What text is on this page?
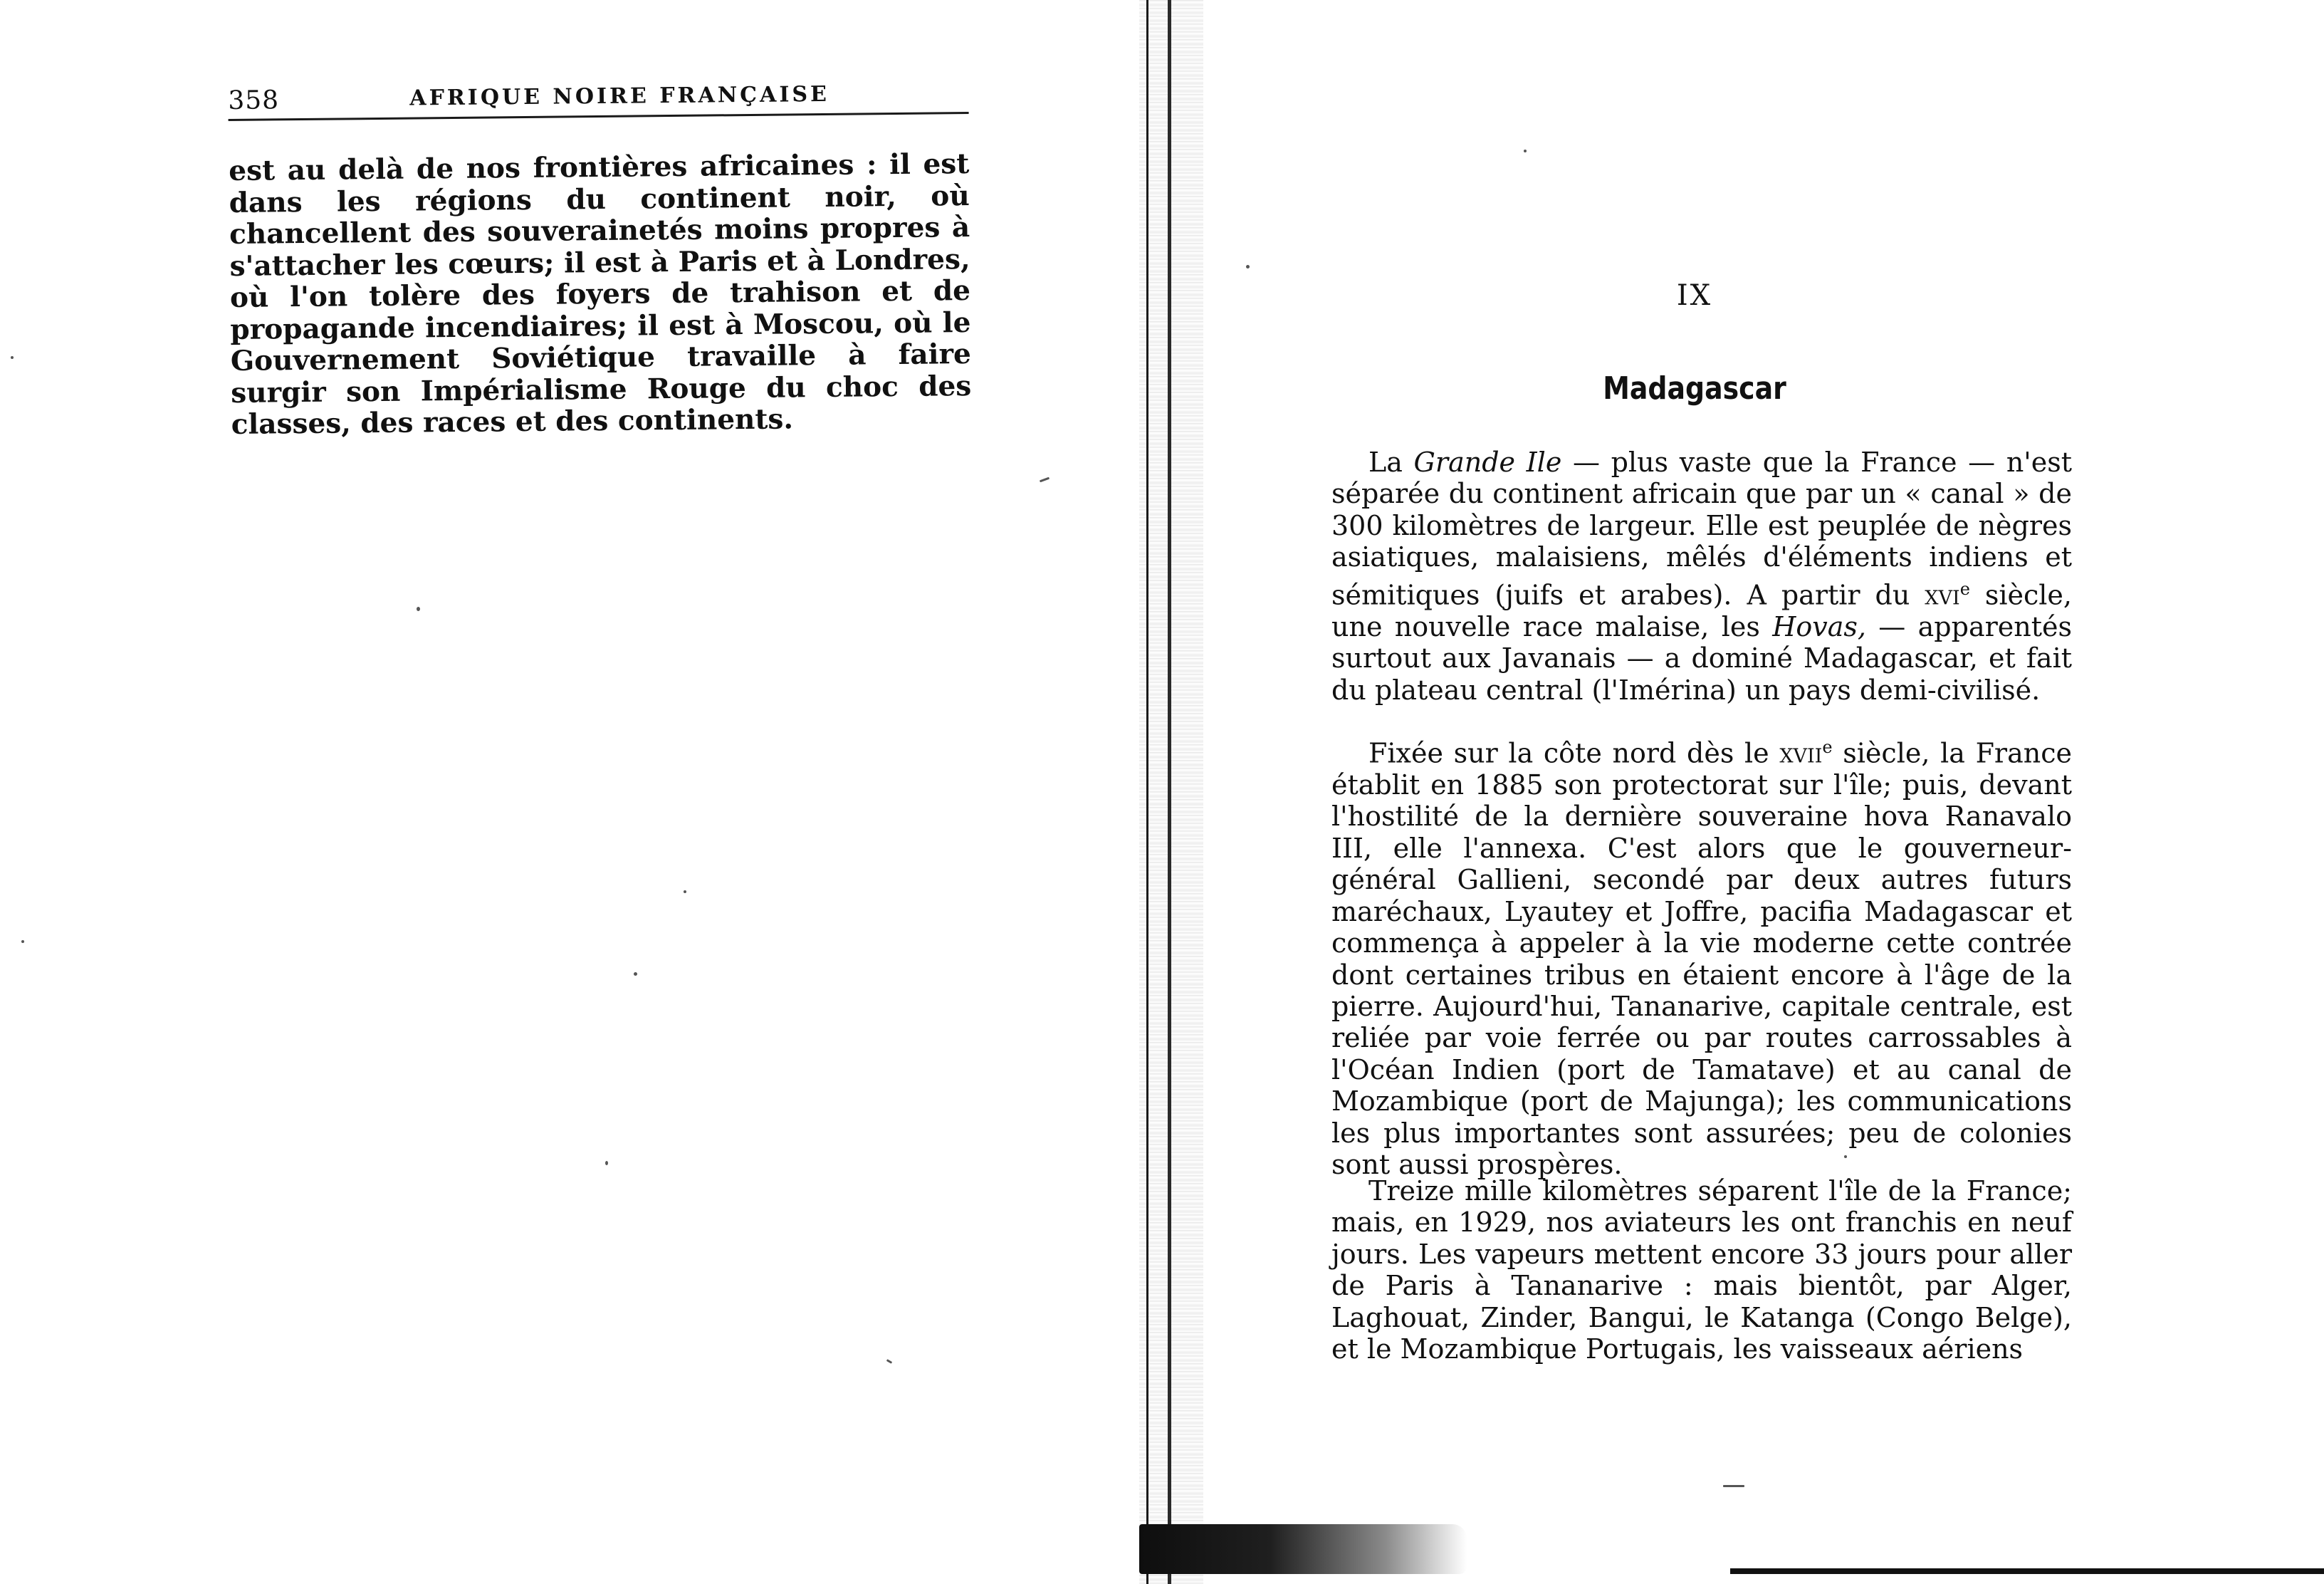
358	AFRIQUE NOIRE FRANÇAISE
est au delà de nos frontières africaines : il est dans les régions du continent noir, où chancellent des souverainetés moins propres à s'attacher les cœurs; il est à Paris et à Londres, où l'on tolère des foyers de trahison et de propagande incendiaires; il est à Moscou, où le Gouvernement Soviétique travaille à faire surgir son Impérialisme Rouge du choc des classes, des races et des continents.
IX
Madagascar
La Grande Ile — plus vaste que la France — n'est séparée du continent africain que par un « canal » de 300 kilomètres de largeur. Elle est peuplée de nègres asiatiques, malaisiens, mêlés d'éléments indiens et sémitiques (juifs et arabes). A partir du xvi$^e$ siècle, une nouvelle race malaise, les Hovas, — apparentés surtout aux Javanais — a dominé Madagascar, et fait du plateau central (l'Imérina) un pays demi-civilisé.
Fixée sur la côte nord dès le xvii$^e$ siècle, la France établit en 1885 son protectorat sur l'île; puis, devant l'hostilité de la dernière souveraine hova Ranavalo III, elle l'annexa. C'est alors que le gouverneur-général Gallieni, secondé par deux autres futurs maréchaux, Lyautey et Joffre, pacifia Madagascar et commença à appeler à la vie moderne cette contrée dont certaines tribus en étaient encore à l'âge de la pierre. Aujourd'hui, Tananarive, capitale centrale, est reliée par voie ferrée ou par routes carrossables à l'Océan Indien (port de Tamatave) et au canal de Mozambique (port de Majunga); les communications les plus importantes sont assurées; peu de colonies sont aussi prospères.
Treize mille kilomètres séparent l'île de la France; mais, en 1929, nos aviateurs les ont franchis en neuf jours. Les vapeurs mettent encore 33 jours pour aller de Paris à Tananarive : mais bientôt, par Alger, Laghouat, Zinder, Bangui, le Katanga (Congo Belge), et le Mozambique Portugais, les vaisseaux aériens
